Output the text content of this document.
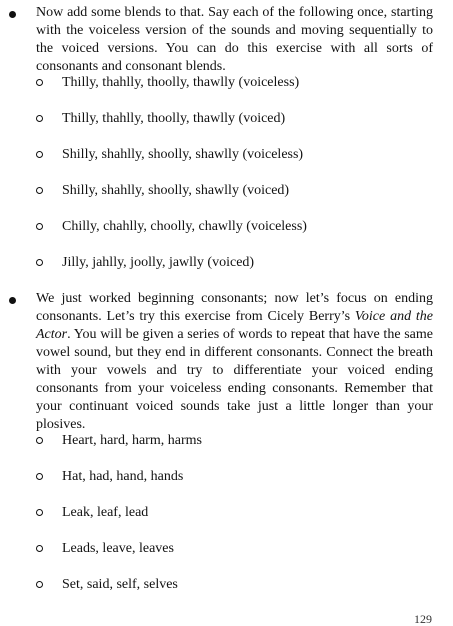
Now add some blends to that. Say each of the following once, starting with the voiceless version of the sounds and moving sequentially to the voiced versions. You can do this exercise with all sorts of consonants and consonant blends.
Thilly, thahlly, thoolly, thawlly (voiceless)
Thilly, thahlly, thoolly, thawlly (voiced)
Shilly, shahlly, shoolly, shawlly (voiceless)
Shilly, shahlly, shoolly, shawlly (voiced)
Chilly, chahlly, choolly, chawlly (voiceless)
Jilly, jahlly, joolly, jawlly (voiced)
We just worked beginning consonants; now let’s focus on ending consonants. Let’s try this exercise from Cicely Berry’s Voice and the Actor. You will be given a series of words to repeat that have the same vowel sound, but they end in different consonants. Connect the breath with your vowels and try to differentiate your voiced ending consonants from your voiceless ending consonants. Remember that your continuant voiced sounds take just a little longer than your plosives.
Heart, hard, harm, harms
Hat, had, hand, hands
Leak, leaf, lead
Leads, leave, leaves
Set, said, self, selves
129
